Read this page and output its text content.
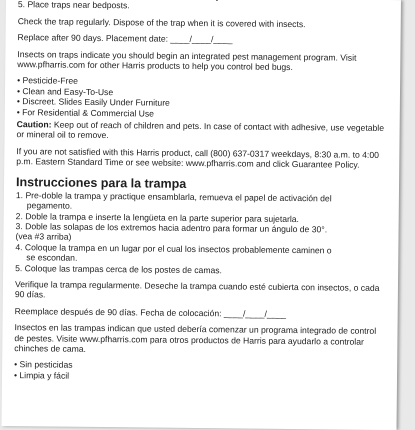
5. Place traps near bedposts.

Check the trap regularly. Dispose of the trap when it is covered with insects.

Replace after 90 days. Placement date: ____/____/____

Insects on traps indicate you should begin an integrated pest management program. Visit www.pfharris.com for other Harris products to help you control bed bugs.

• Pesticide-Free

• Clean and Easy-To-Use

• Discreet. Slides Easily Under Furniture

• For Residential & Commercial Use

Caution: Keep out of reach of children and pets. In case of contact with adhesive, use vegetable or mineral oil to remove.

If you are not satisfied with this Harris product, call (800) 637-0317 weekdays, 8:30 a.m. to 4:00 p.m. Eastern Standard Time or see website: www.pfharris.com and click Guarantee Policy.

Instrucciones para la trampa

1. Pre-doble la trampa y practique ensamblarla, remueva el papel de activación del

pegamento.

2. Doble la trampa e inserte la lengüeta en la parte superior para sujetarla.

3. Doble las solapas de los extremos hacia adentro para formar un ángulo de 30°.

(vea #3 arriba)

4. Coloque la trampa en un lugar por el cual los insectos probablemente caminen o

se escondan.

5. Coloque las trampas cerca de los postes de camas.

Verifique la trampa regularmente. Deseche la trampa cuando esté cubierta con insectos, o cada 90 días.

Reemplace después de 90 días. Fecha de colocación: ____/____/____

Insectos en las trampas indican que usted debería comenzar un programa integrado de control de pestes. Visite www.pfharris.com para otros productos de Harris para ayudarlo a controlar chinches de cama.

• Sin pesticidas

• Limpia y fácil
